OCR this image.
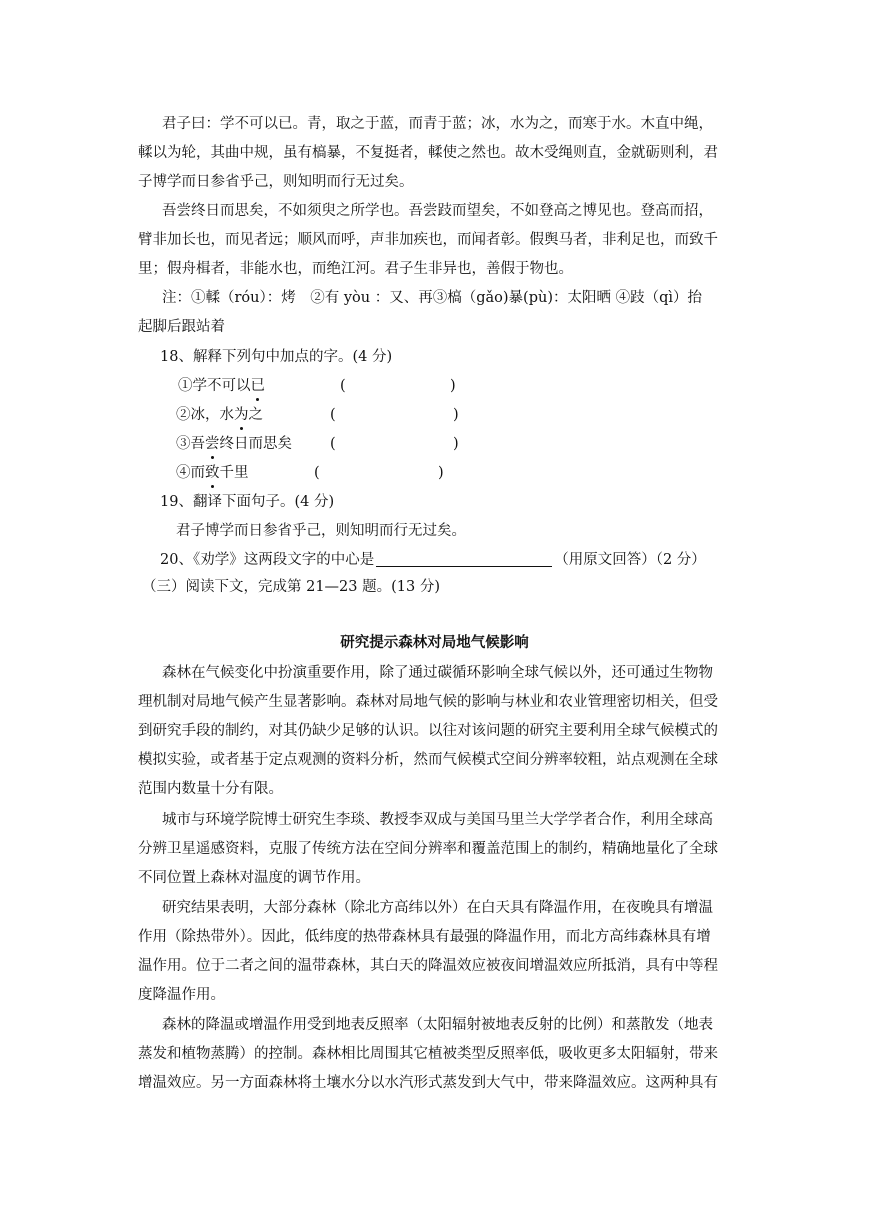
君子曰：学不可以已。青，取之于蓝，而青于蓝；冰，水为之，而寒于水。木直中绳，
輮以为轮，其曲中规，虽有槁暴，不复挺者，輮使之然也。故木受绳则直，金就砺则利，君
子博学而日参省乎己，则知明而行无过矣。
吾尝终日而思矣，不如须臾之所学也。吾尝跂而望矣，不如登高之博见也。登高而招，
臂非加长也，而见者远；顺风而呼，声非加疾也，而闻者彰。假舆马者，非利足也，而致千
里；假舟楫者，非能水也，而绝江河。君子生非异也，善假于物也。
注：①輮（róu）：烤　②有 yòu ：又、再③槁（gǎo)暴(pù)：太阳晒 ④跂（qì）抬
起脚后跟站着
18、解释下列句中加点的字。(4 分)
①学不可以已	(	)
②冰，水为之	(	)
③吾尝终日而思矣	(	)
④而致千里	(	)
19、翻译下面句子。(4 分)
君子博学而日参省乎己，则知明而行无过矣。
20、《劝学》这两段文字的中心是	（用原文回答）（2 分）
（三）阅读下文，完成第 21—23 题。(13 分)
研究提示森林对局地气候影响
森林在气候变化中扮演重要作用，除了通过碳循环影响全球气候以外，还可通过生物物
理机制对局地气候产生显著影响。森林对局地气候的影响与林业和农业管理密切相关，但受
到研究手段的制约，对其仍缺少足够的认识。以往对该问题的研究主要利用全球气候模式的
模拟实验，或者基于定点观测的资料分析，然而气候模式空间分辨率较粗，站点观测在全球
范围内数量十分有限。
城市与环境学院博士研究生李琰、教授李双成与美国马里兰大学学者合作，利用全球高
分辨卫星遥感资料，克服了传统方法在空间分辨率和覆盖范围上的制约，精确地量化了全球
不同位置上森林对温度的调节作用。
研究结果表明，大部分森林（除北方高纬以外）在白天具有降温作用，在夜晚具有增温
作用（除热带外）。因此，低纬度的热带森林具有最强的降温作用，而北方高纬森林具有增
温作用。位于二者之间的温带森林，其白天的降温效应被夜间增温效应所抵消，具有中等程
度降温作用。
森林的降温或增温作用受到地表反照率（太阳辐射被地表反射的比例）和蒸散发（地表
蒸发和植物蒸腾）的控制。森林相比周围其它植被类型反照率低，吸收更多太阳辐射，带来
增温效应。另一方面森林将土壤水分以水汽形式蒸发到大气中，带来降温效应。这两种具有
